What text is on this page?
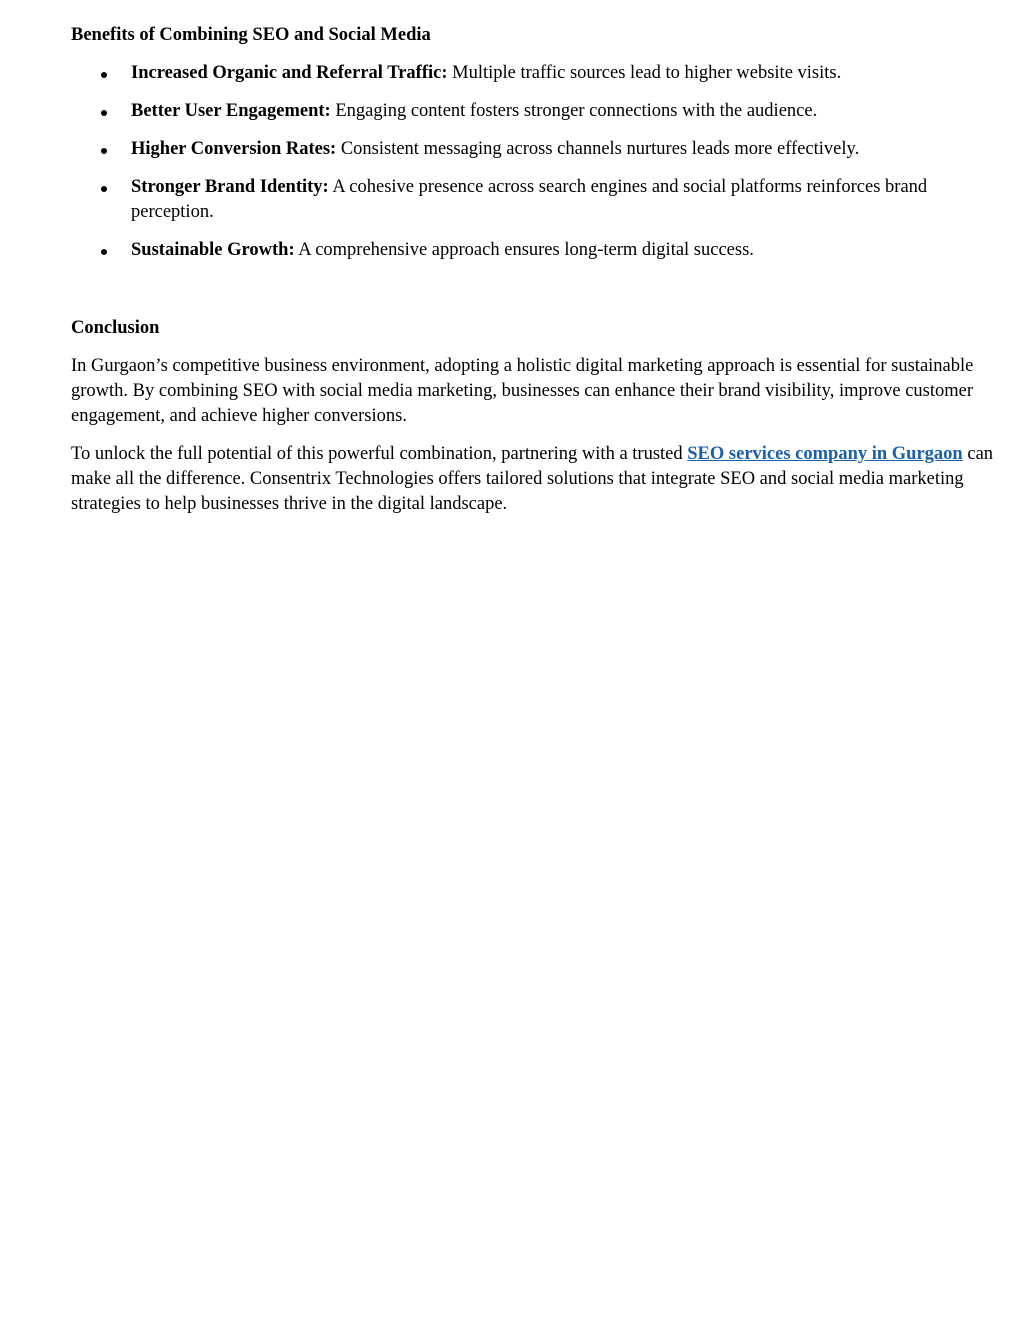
Benefits of Combining SEO and Social Media

Increased Organic and Referral Traffic: Multiple traffic sources lead to higher website visits.
Better User Engagement: Engaging content fosters stronger connections with the audience.
Higher Conversion Rates: Consistent messaging across channels nurtures leads more effectively.
Stronger Brand Identity: A cohesive presence across search engines and social platforms reinforces brand perception.
Sustainable Growth: A comprehensive approach ensures long-term digital success.

Conclusion

In Gurgaon’s competitive business environment, adopting a holistic digital marketing approach is essential for sustainable growth. By combining SEO with social media marketing, businesses can enhance their brand visibility, improve customer engagement, and achieve higher conversions.

To unlock the full potential of this powerful combination, partnering with a trusted SEO services company in Gurgaon can make all the difference. Consentrix Technologies offers tailored solutions that integrate SEO and social media marketing strategies to help businesses thrive in the digital landscape.
